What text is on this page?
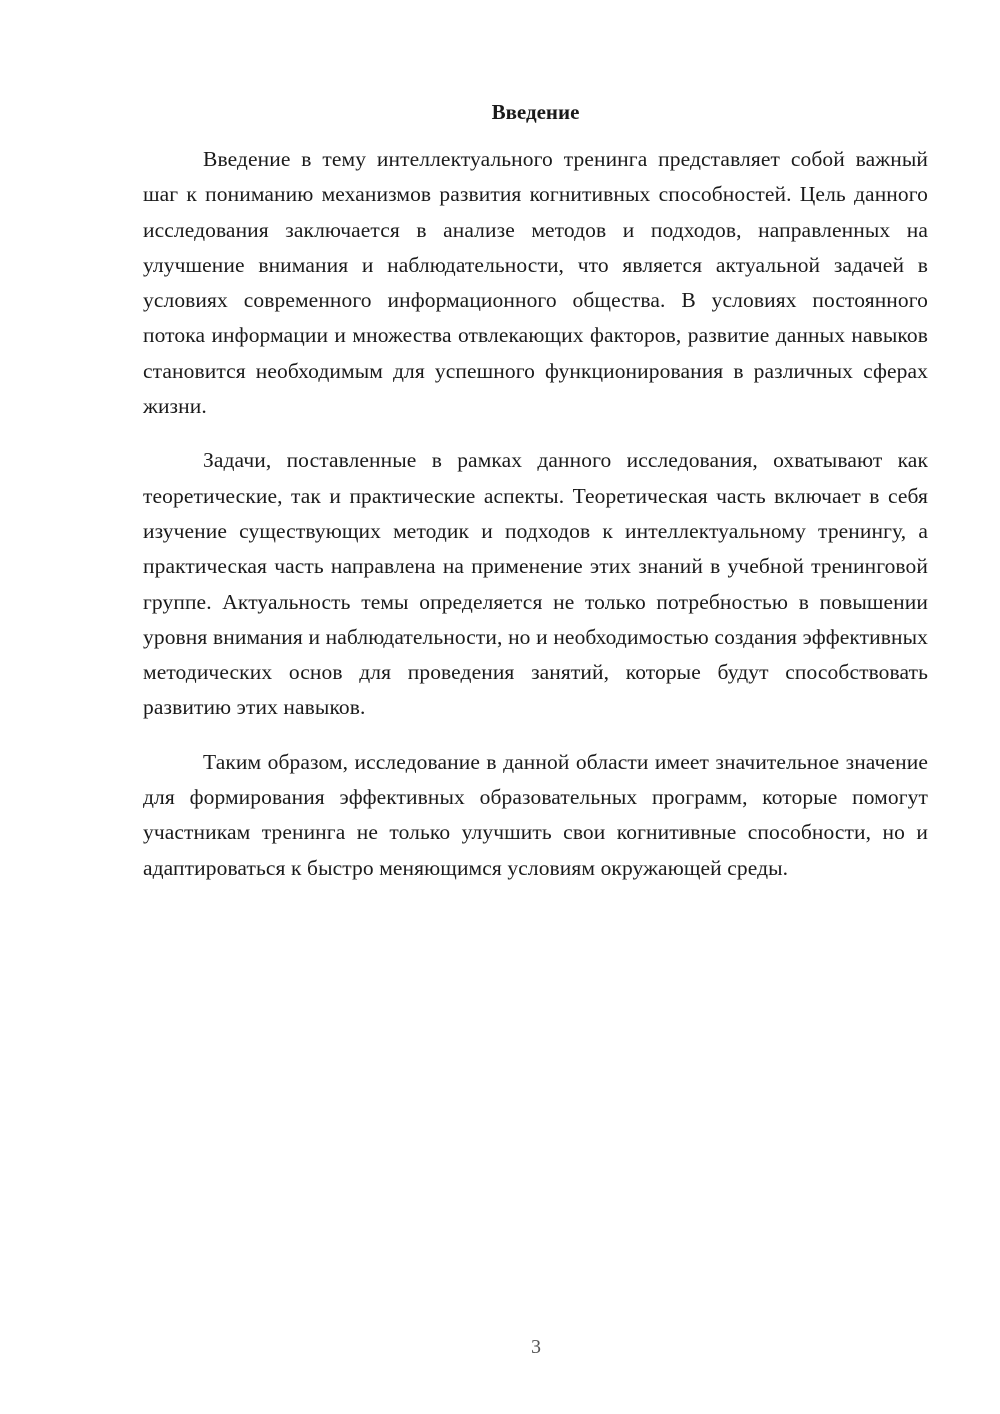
Введение

Введение в тему интеллектуального тренинга представляет собой важный шаг к пониманию механизмов развития когнитивных способностей. Цель данного исследования заключается в анализе методов и подходов, направленных на улучшение внимания и наблюдательности, что является актуальной задачей в условиях современного информационного общества. В условиях постоянного потока информации и множества отвлекающих факторов, развитие данных навыков становится необходимым для успешного функционирования в различных сферах жизни.

Задачи, поставленные в рамках данного исследования, охватывают как теоретические, так и практические аспекты. Теоретическая часть включает в себя изучение существующих методик и подходов к интеллектуальному тренингу, а практическая часть направлена на применение этих знаний в учебной тренинговой группе. Актуальность темы определяется не только потребностью в повышении уровня внимания и наблюдательности, но и необходимостью создания эффективных методических основ для проведения занятий, которые будут способствовать развитию этих навыков.

Таким образом, исследование в данной области имеет значительное значение для формирования эффективных образовательных программ, которые помогут участникам тренинга не только улучшить свои когнитивные способности, но и адаптироваться к быстро меняющимся условиям окружающей среды.

3
